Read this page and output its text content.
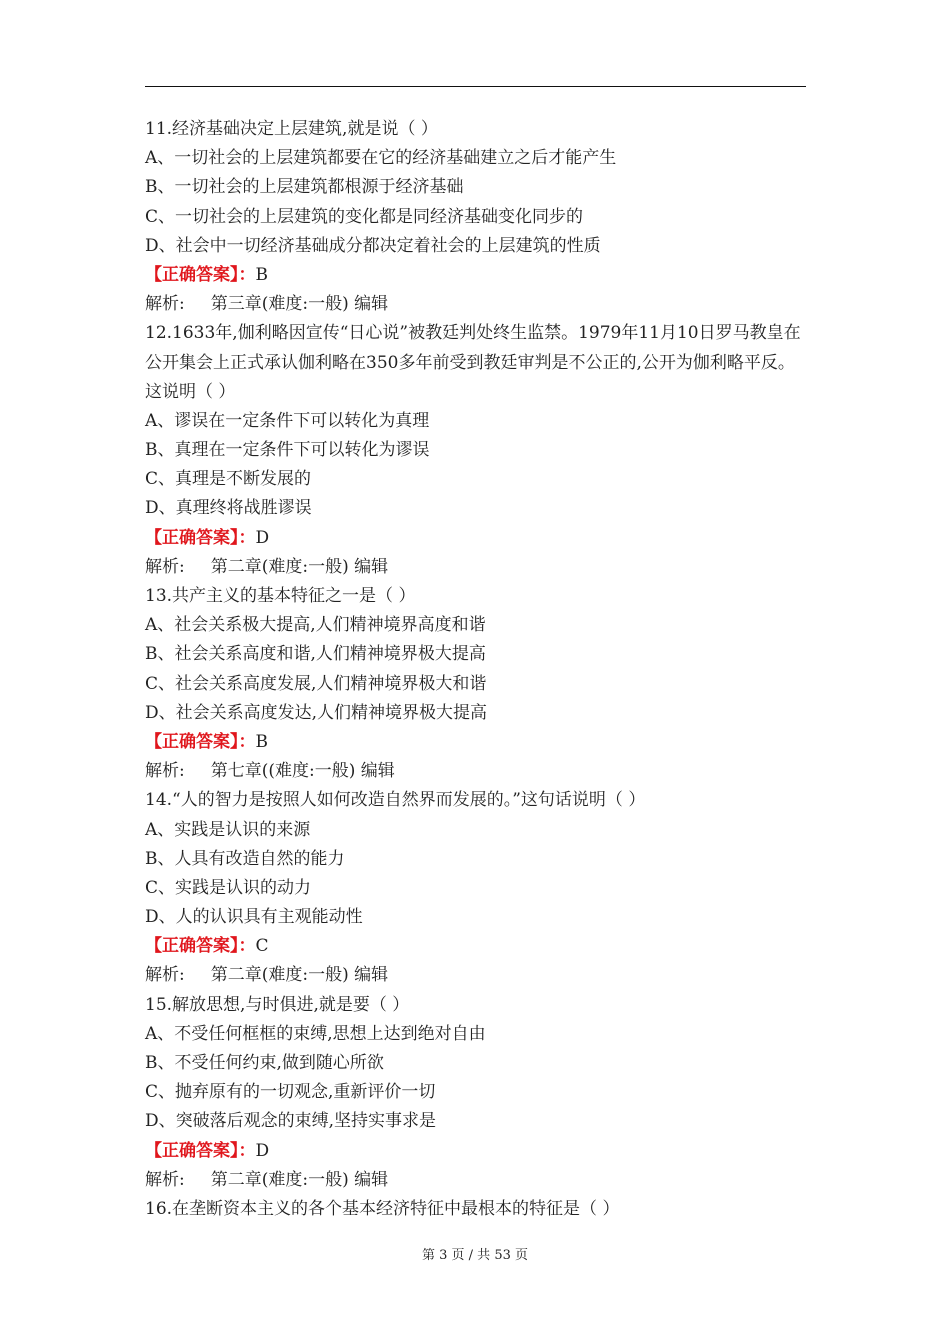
11.经济基础决定上层建筑,就是说（ ）
A、一切社会的上层建筑都要在它的经济基础建立之后才能产生
B、一切社会的上层建筑都根源于经济基础
C、一切社会的上层建筑的变化都是同经济基础变化同步的
D、社会中一切经济基础成分都决定着社会的上层建筑的性质
【正确答案】：B
解析: 第三章(难度:一般) 编辑
12.1633年,伽利略因宣传“日心说”被教廷判处终生监禁。1979年11月10日罗马教皇在公开集会上正式承认伽利略在350多年前受到教廷审判是不公正的,公开为伽利略平反。这说明（ ）
A、谬误在一定条件下可以转化为真理
B、真理在一定条件下可以转化为谬误
C、真理是不断发展的
D、真理终将战胜谬误
【正确答案】：D
解析: 第二章(难度:一般) 编辑
13.共产主义的基本特征之一是（ ）
A、社会关系极大提高,人们精神境界高度和谐
B、社会关系高度和谐,人们精神境界极大提高
C、社会关系高度发展,人们精神境界极大和谐
D、社会关系高度发达,人们精神境界极大提高
【正确答案】：B
解析: 第七章((难度:一般) 编辑
14.“人的智力是按照人如何改造自然界而发展的。”这句话说明（ ）
A、实践是认识的来源
B、人具有改造自然的能力
C、实践是认识的动力
D、人的认识具有主观能动性
【正确答案】：C
解析: 第二章(难度:一般) 编辑
15.解放思想,与时俱进,就是要（ ）
A、不受任何框框的束缚,思想上达到绝对自由
B、不受任何约束,做到随心所欲
C、抛弃原有的一切观念,重新评价一切
D、突破落后观念的束缚,坚持实事求是
【正确答案】：D
解析: 第二章(难度:一般) 编辑
16.在垄断资本主义的各个基本经济特征中最根本的特征是（ ）
第 3 页 / 共 53 页
